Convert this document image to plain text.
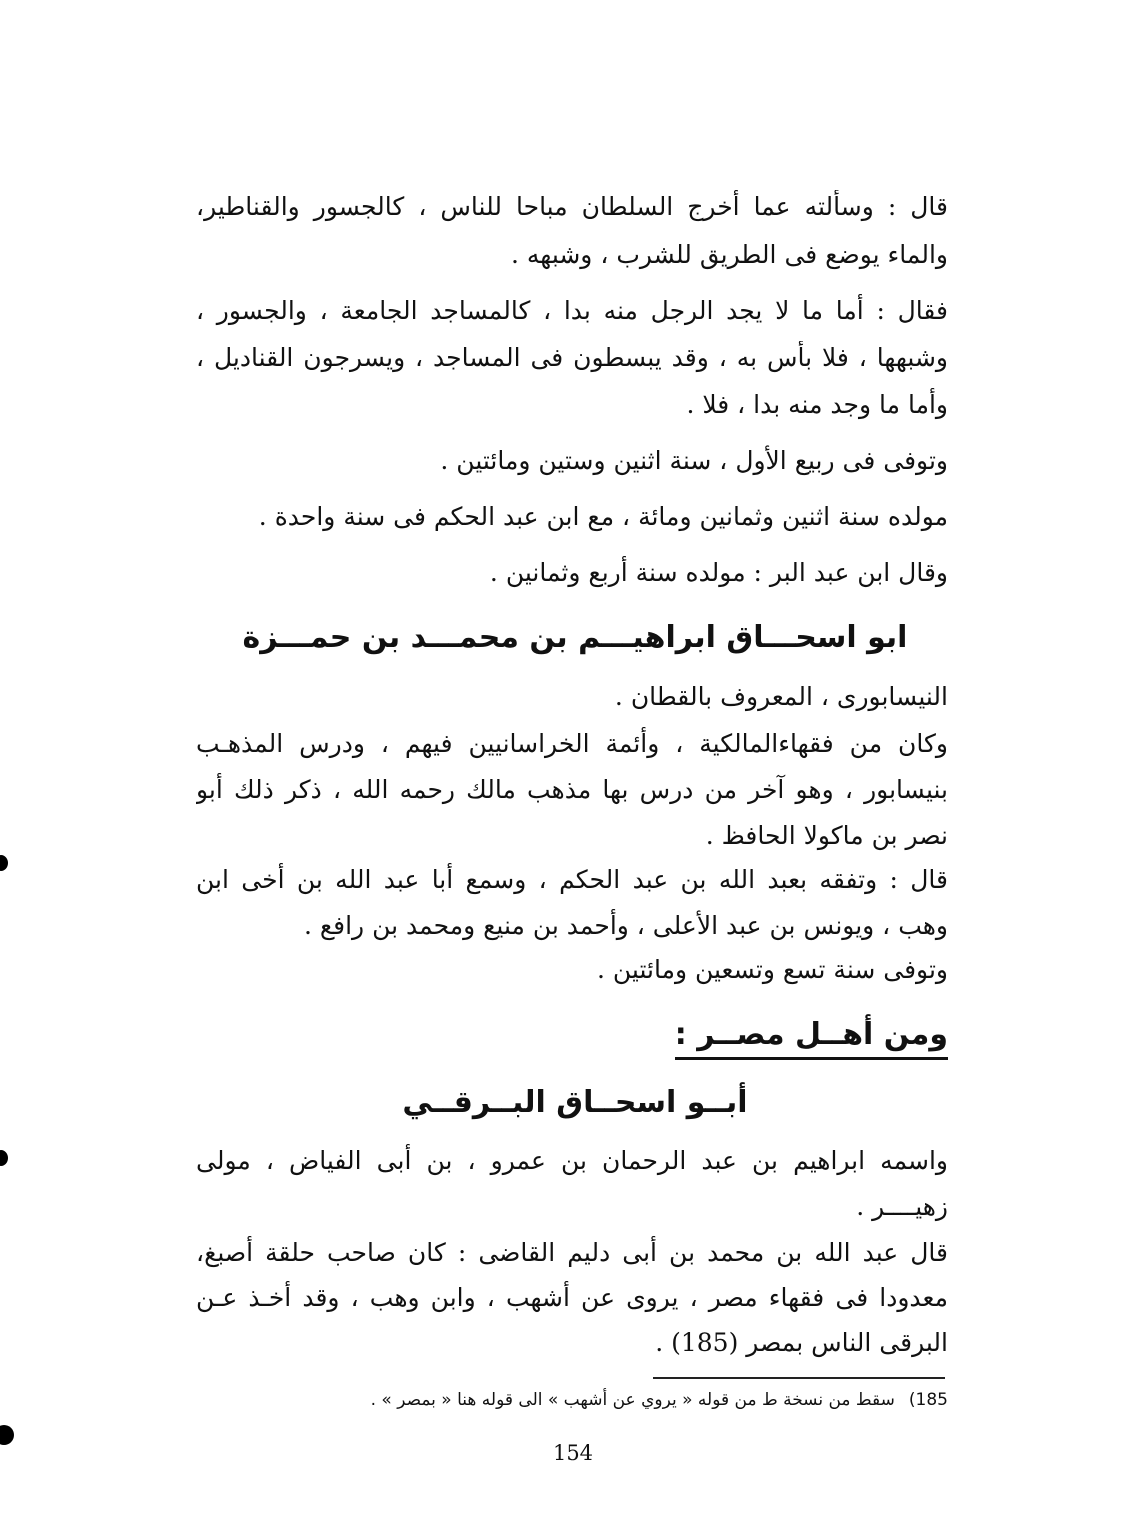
قال : وسألته عما أخرج السلطان مباحا للناس ، كالجسور والقناطير،
والماء يوضع فى الطريق للشرب ، وشبهه .
فقال : أما ما لا يجد الرجل منه بدا ، كالمساجد الجامعة ، والجسور ،
وشبهها ، فلا بأس به ، وقد يبسطون فى المساجد ، ويسرجون القناديل ،
وأما ما وجد منه بدا ، فلا .
وتوفى فى ربيع الأول ، سنة اثنين وستين ومائتين .
مولده سنة اثنين وثمانين ومائة ، مع ابن عبد الحكم فى سنة واحدة .
وقال ابن عبد البر : مولده سنة أربع وثمانين .
ابو اسحـــاق ابراهيـــم بن محمـــد بن حمـــزة
النيسابورى ، المعروف بالقطان .
وكان من فقهاءالمالكية ، وأئمة الخراسانيين فيهم ، ودرس المذهـب
بنيسابور ، وهو آخر من درس بها مذهب مالك رحمه الله ، ذكر ذلك أبو
نصر بن ماكولا الحافظ .
قال : وتفقه بعبد الله بن عبد الحكم ، وسمع أبا عبد الله بن أخى ابن
وهب ، ويونس بن عبد الأعلى ، وأحمد بن منيع ومحمد بن رافع .
وتوفى سنة تسع وتسعين ومائتين .
ومن أهــل مصــر :
أبــو اسحــاق البــرقــي
واسمه ابراهيم بن عبد الرحمان بن عمرو ، بن أبى الفياض ، مولى
زهيــــر .
قال عبد الله بن محمد بن أبى دليم القاضى : كان صاحب حلقة أصبغ،
معدودا فى فقهاء مصر ، يروى عن أشهب ، وابن وهب ، وقد أخـذ عـن
البرقى الناس بمصر (185) .
185)سقط من نسخة ط من قوله « يروي عن أشهب » الى قوله هنا « بمصر » .
154
